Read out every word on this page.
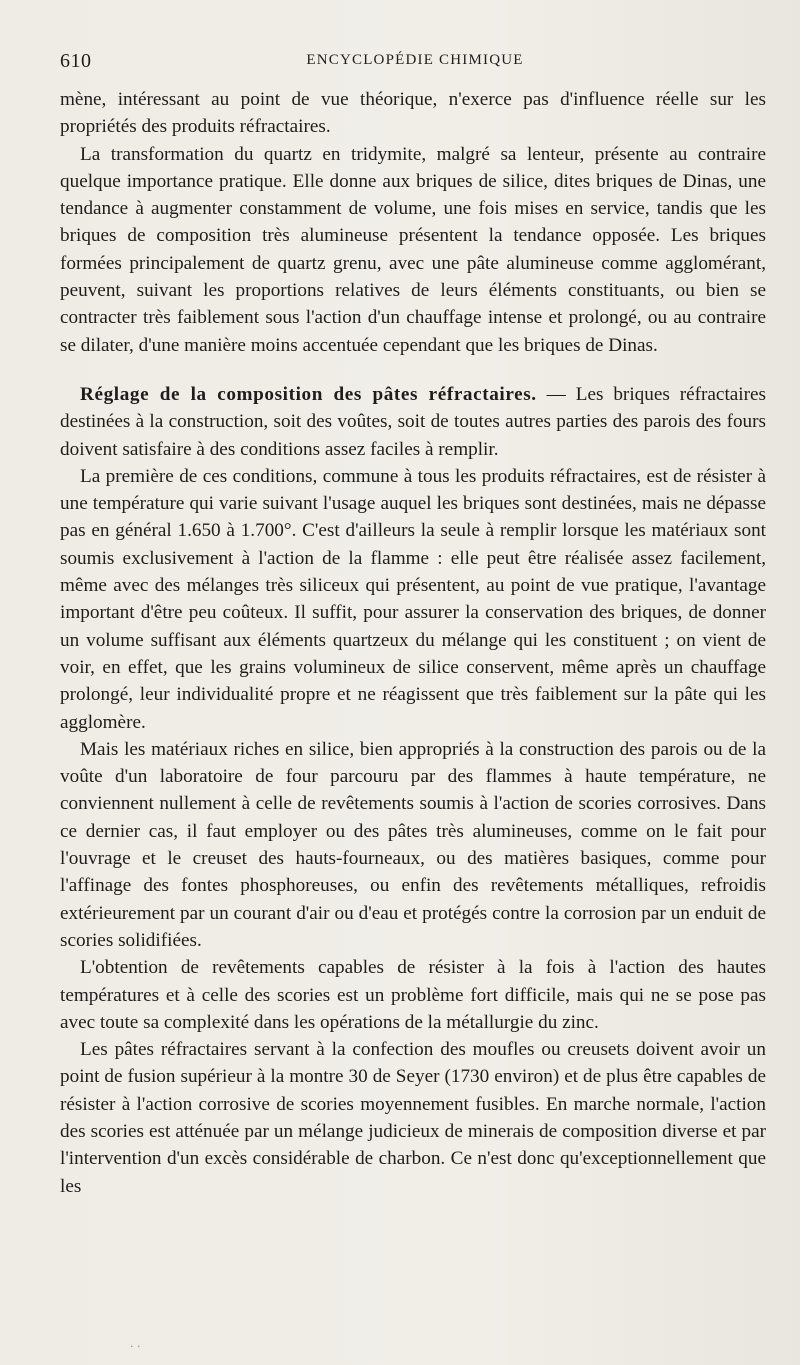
610	ENCYCLOPÉDIE CHIMIQUE

mène, intéressant au point de vue théorique, n'exerce pas d'influence réelle sur les propriétés des produits réfractaires.

La transformation du quartz en tridymite, malgré sa lenteur, présente au contraire quelque importance pratique. Elle donne aux briques de silice, dites briques de Dinas, une tendance à augmenter constamment de volume, une fois mises en service, tandis que les briques de composition très alumineuse présentent la tendance opposée. Les briques formées principalement de quartz grenu, avec une pâte alumineuse comme agglomérant, peuvent, suivant les proportions relatives de leurs éléments constituants, ou bien se contracter très faiblement sous l'action d'un chauffage intense et prolongé, ou au contraire se dilater, d'une manière moins accentuée cependant que les briques de Dinas.

Réglage de la composition des pâtes réfractaires. — Les briques réfractaires destinées à la construction, soit des voûtes, soit de toutes autres parties des parois des fours doivent satisfaire à des conditions assez faciles à remplir.

La première de ces conditions, commune à tous les produits réfractaires, est de résister à une température qui varie suivant l'usage auquel les briques sont destinées, mais ne dépasse pas en général 1.650 à 1.700°. C'est d'ailleurs la seule à remplir lorsque les matériaux sont soumis exclusivement à l'action de la flamme : elle peut être réalisée assez facilement, même avec des mélanges très siliceux qui présentent, au point de vue pratique, l'avantage important d'être peu coûteux. Il suffit, pour assurer la conservation des briques, de donner un volume suffisant aux éléments quartzeux du mélange qui les constituent ; on vient de voir, en effet, que les grains volumineux de silice conservent, même après un chauffage prolongé, leur individualité propre et ne réagissent que très faiblement sur la pâte qui les agglomère.

Mais les matériaux riches en silice, bien appropriés à la construction des parois ou de la voûte d'un laboratoire de four parcouru par des flammes à haute température, ne conviennent nullement à celle de revêtements soumis à l'action de scories corrosives. Dans ce dernier cas, il faut employer ou des pâtes très alumineuses, comme on le fait pour l'ouvrage et le creuset des hauts-fourneaux, ou des matières basiques, comme pour l'affinage des fontes phosphoreuses, ou enfin des revêtements métalliques, refroidis extérieurement par un courant d'air ou d'eau et protégés contre la corrosion par un enduit de scories solidifiées.

L'obtention de revêtements capables de résister à la fois à l'action des hautes températures et à celle des scories est un problème fort difficile, mais qui ne se pose pas avec toute sa complexité dans les opérations de la métallurgie du zinc.

Les pâtes réfractaires servant à la confection des moufles ou creusets doivent avoir un point de fusion supérieur à la montre 30 de Seyer (1730 environ) et de plus être capables de résister à l'action corrosive de scories moyennement fusibles. En marche normale, l'action des scories est atténuée par un mélange judicieux de minerais de composition diverse et par l'intervention d'un excès considérable de charbon. Ce n'est donc qu'exceptionnellement que les

· ·
